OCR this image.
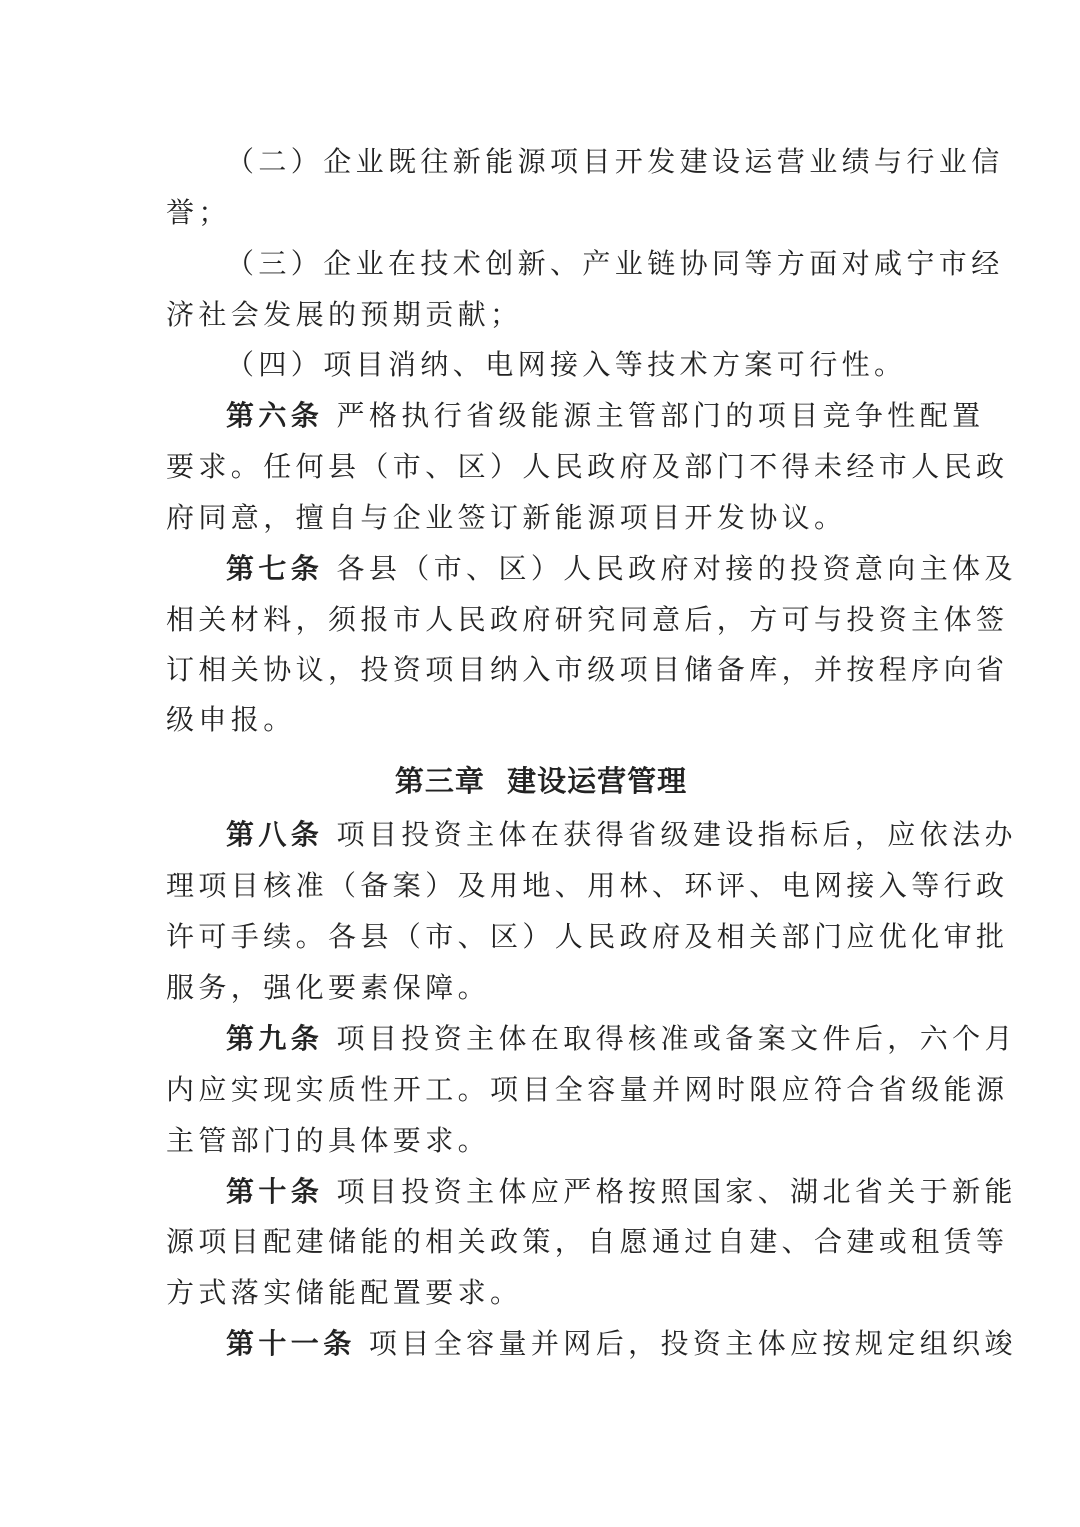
（二）企业既往新能源项目开发建设运营业绩与行业信
誉；
（三）企业在技术创新、产业链协同等方面对咸宁市经
济社会发展的预期贡献；
（四）项目消纳、电网接入等技术方案可行性。
第六条 严格执行省级能源主管部门的项目竞争性配置
要求。任何县（市、区）人民政府及部门不得未经市人民政
府同意，擅自与企业签订新能源项目开发协议。
第七条 各县（市、区）人民政府对接的投资意向主体及
相关材料，须报市人民政府研究同意后，方可与投资主体签
订相关协议，投资项目纳入市级项目储备库，并按程序向省
级申报。
第三章  建设运营管理
第八条 项目投资主体在获得省级建设指标后，应依法办
理项目核准（备案）及用地、用林、环评、电网接入等行政
许可手续。各县（市、区）人民政府及相关部门应优化审批
服务，强化要素保障。
第九条 项目投资主体在取得核准或备案文件后，六个月
内应实现实质性开工。项目全容量并网时限应符合省级能源
主管部门的具体要求。
第十条 项目投资主体应严格按照国家、湖北省关于新能
源项目配建储能的相关政策，自愿通过自建、合建或租赁等
方式落实储能配置要求。
第十一条 项目全容量并网后，投资主体应按规定组织竣
